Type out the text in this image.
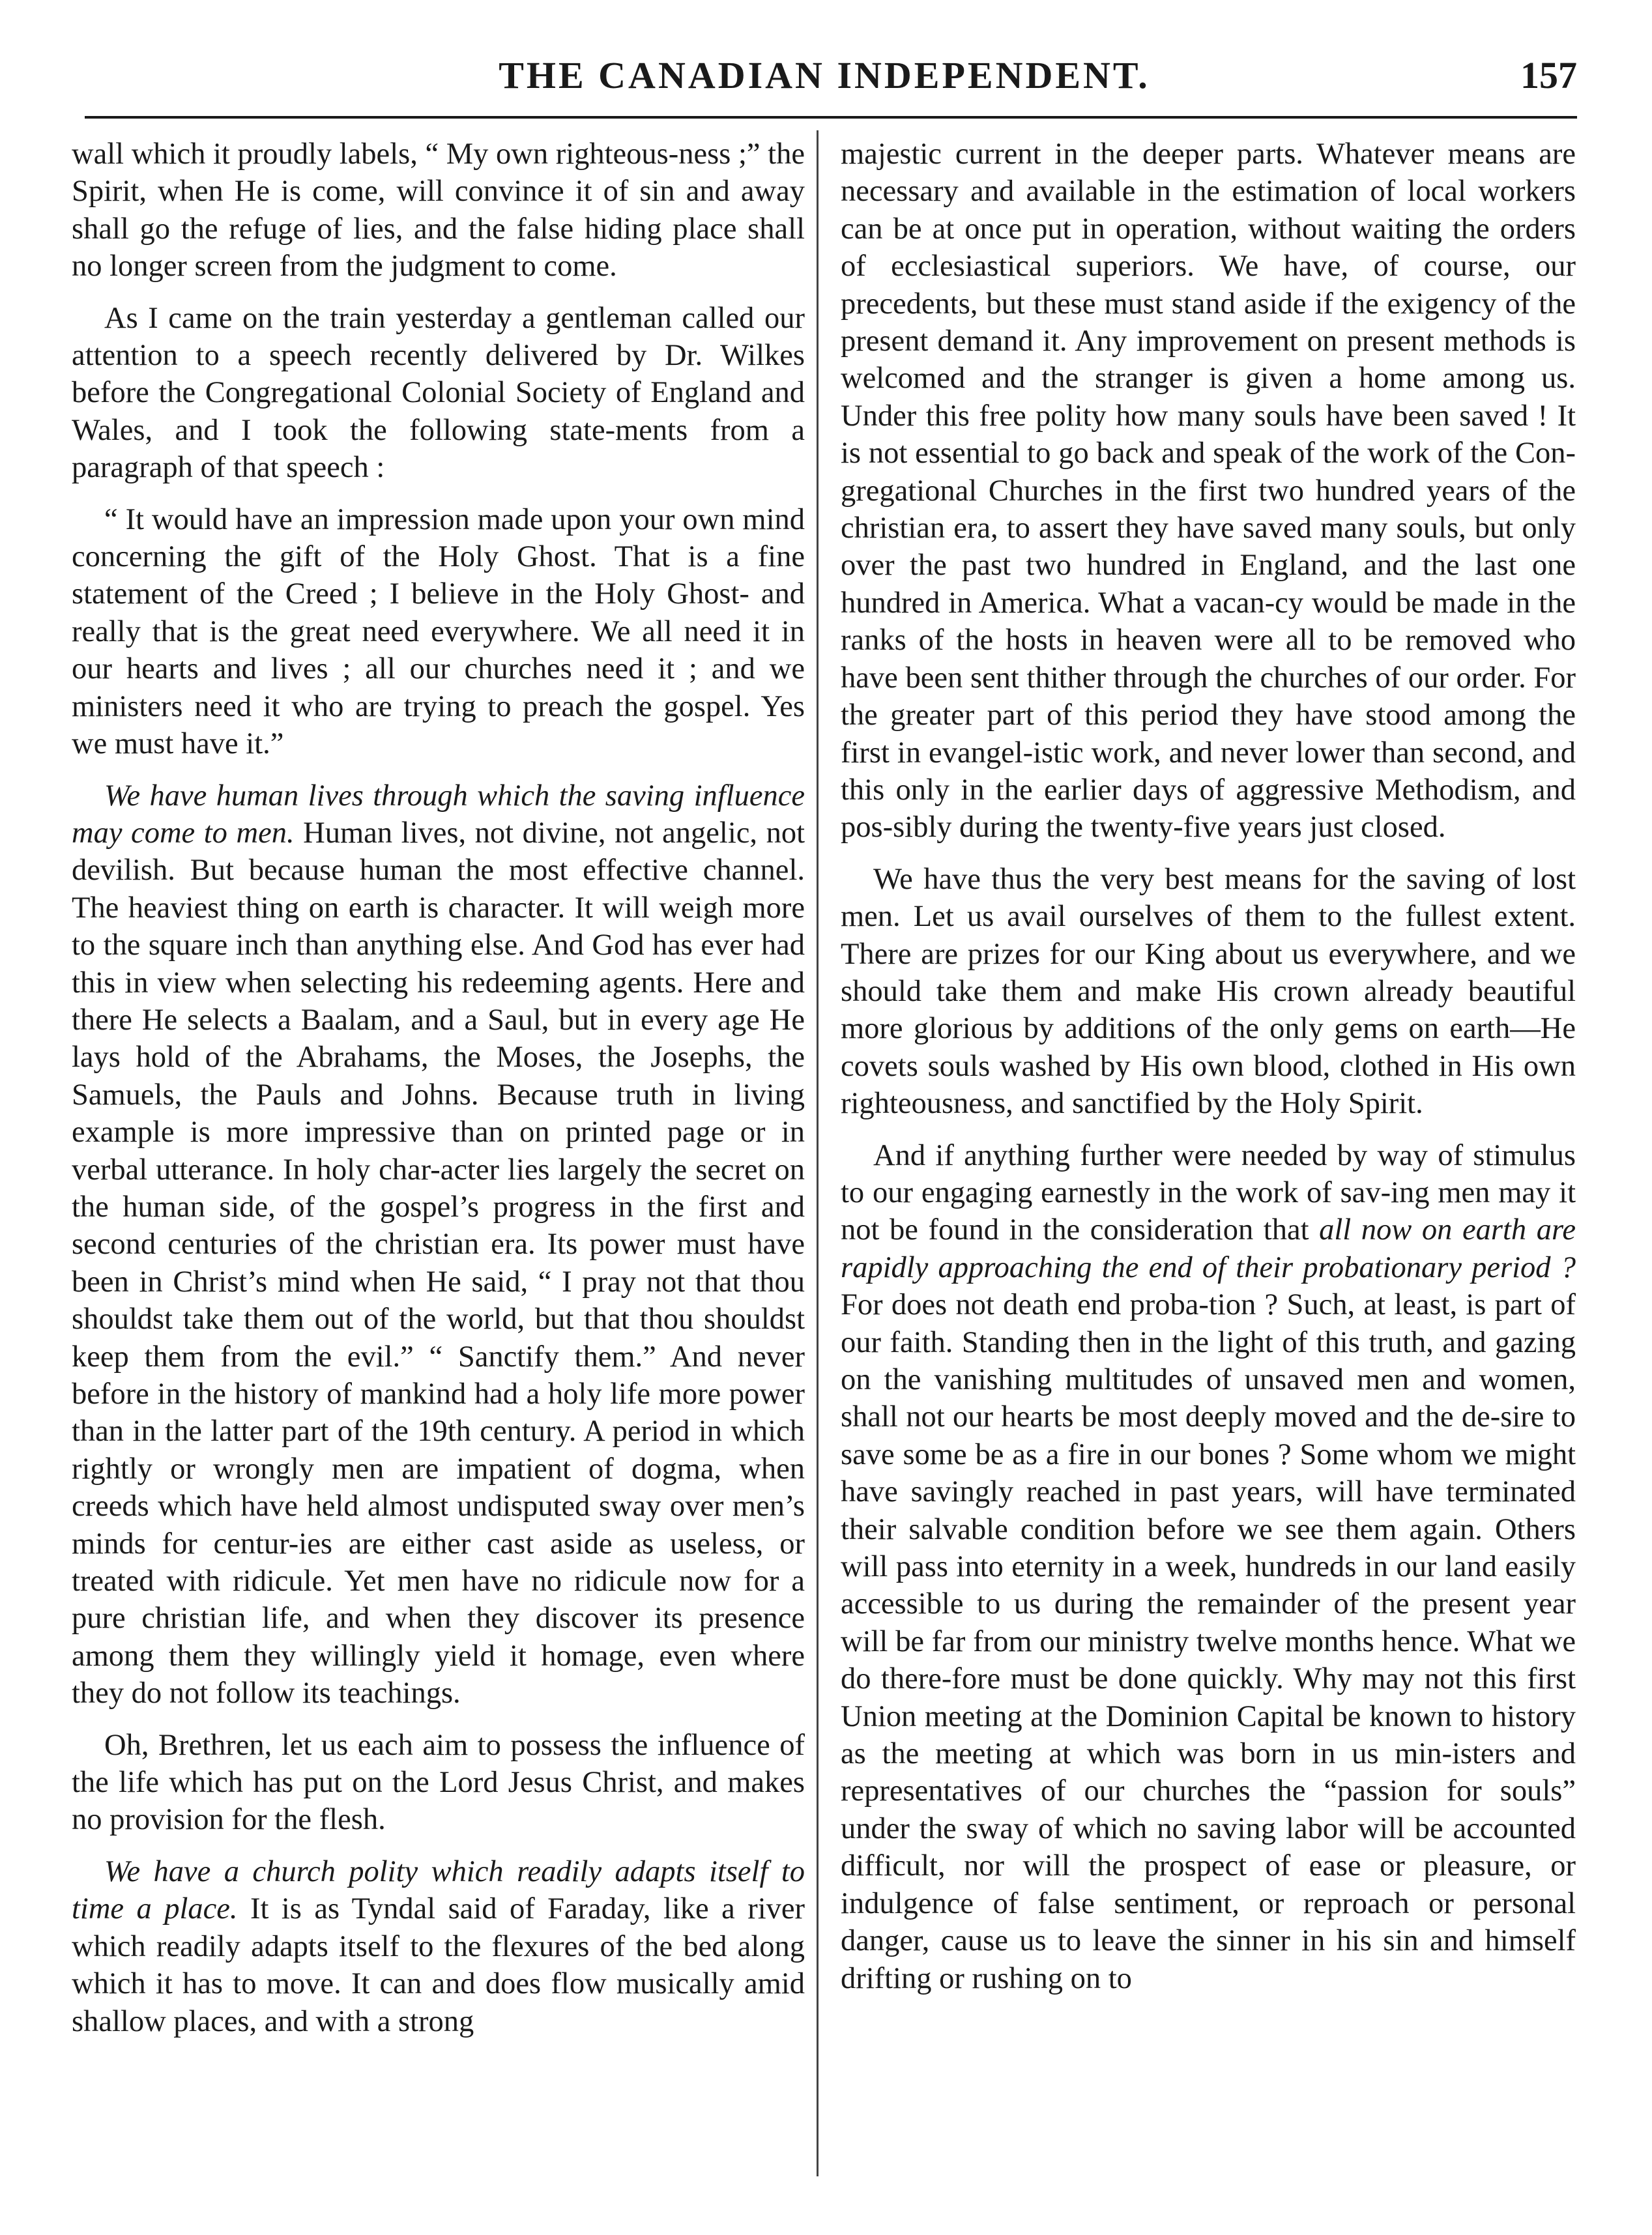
THE CANADIAN INDEPENDENT.	157

wall which it proudly labels, “ My own righteous-ness ;” the Spirit, when He is come, will convince it of sin and away shall go the refuge of lies, and the false hiding place shall no longer screen from the judgment to come.

As I came on the train yesterday a gentleman called our attention to a speech recently delivered by Dr. Wilkes before the Congregational Colonial Society of England and Wales, and I took the following state-ments from a paragraph of that speech :

“ It would have an impression made upon your own mind concerning the gift of the Holy Ghost. That is a fine statement of the Creed ; I believe in the Holy Ghost- and really that is the great need everywhere. We all need it in our hearts and lives ; all our churches need it ; and we ministers need it who are trying to preach the gospel. Yes we must have it.”

We have human lives through which the saving influence may come to men. Human lives, not divine, not angelic, not devilish. But because human the most effective channel. The heaviest thing on earth is character. It will weigh more to the square inch than anything else. And God has ever had this in view when selecting his redeeming agents. Here and there He selects a Baalam, and a Saul, but in every age He lays hold of the Abrahams, the Moses, the Josephs, the Samuels, the Pauls and Johns. Because truth in living example is more impressive than on printed page or in verbal utterance. In holy char-acter lies largely the secret on the human side, of the gospel’s progress in the first and second centuries of the christian era. Its power must have been in Christ’s mind when He said, “ I pray not that thou shouldst take them out of the world, but that thou shouldst keep them from the evil.” “ Sanctify them.” And never before in the history of mankind had a holy life more power than in the latter part of the 19th century. A period in which rightly or wrongly men are impatient of dogma, when creeds which have held almost undisputed sway over men’s minds for centur-ies are either cast aside as useless, or treated with ridicule. Yet men have no ridicule now for a pure christian life, and when they discover its presence among them they willingly yield it homage, even where they do not follow its teachings.

Oh, Brethren, let us each aim to possess the influence of the life which has put on the Lord Jesus Christ, and makes no provision for the flesh.

We have a church polity which readily adapts itself to time a place. It is as Tyndal said of Faraday, like a river which readily adapts itself to the flexures of the bed along which it has to move. It can and does flow musically amid shallow places, and with a strong

majestic current in the deeper parts. Whatever means are necessary and available in the estimation of local workers can be at once put in operation, without waiting the orders of ecclesiastical superiors. We have, of course, our precedents, but these must stand aside if the exigency of the present demand it. Any improvement on present methods is welcomed and the stranger is given a home among us. Under this free polity how many souls have been saved ! It is not essential to go back and speak of the work of the Con-gregational Churches in the first two hundred years of the christian era, to assert they have saved many souls, but only over the past two hundred in England, and the last one hundred in America. What a vacan-cy would be made in the ranks of the hosts in heaven were all to be removed who have been sent thither through the churches of our order. For the greater part of this period they have stood among the first in evangel-istic work, and never lower than second, and this only in the earlier days of aggressive Methodism, and pos-sibly during the twenty-five years just closed.

We have thus the very best means for the saving of lost men. Let us avail ourselves of them to the fullest extent. There are prizes for our King about us everywhere, and we should take them and make His crown already beautiful more glorious by additions of the only gems on earth—He covets souls washed by His own blood, clothed in His own righteousness, and sanctified by the Holy Spirit.

And if anything further were needed by way of stimulus to our engaging earnestly in the work of sav-ing men may it not be found in the consideration that all now on earth are rapidly approaching the end of their probationary period ? For does not death end proba-tion ? Such, at least, is part of our faith. Standing then in the light of this truth, and gazing on the vanishing multitudes of unsaved men and women, shall not our hearts be most deeply moved and the de-sire to save some be as a fire in our bones ? Some whom we might have savingly reached in past years, will have terminated their salvable condition before we see them again. Others will pass into eternity in a week, hundreds in our land easily accessible to us during the remainder of the present year will be far from our ministry twelve months hence. What we do there-fore must be done quickly. Why may not this first Union meeting at the Dominion Capital be known to history as the meeting at which was born in us min-isters and representatives of our churches the “passion for souls” under the sway of which no saving labor will be accounted difficult, nor will the prospect of ease or pleasure, or indulgence of false sentiment, or reproach or personal danger, cause us to leave the sinner in his sin and himself drifting or rushing on to
